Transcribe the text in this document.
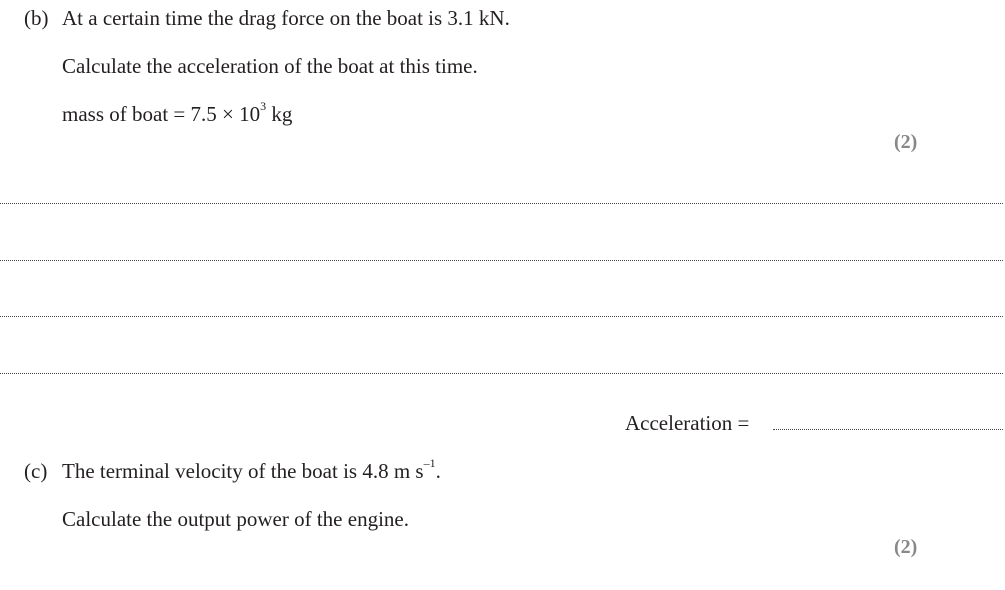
(b) At a certain time the drag force on the boat is 3.1 kN.
Calculate the acceleration of the boat at this time.
mass of boat = $7.5 \times 10^3$ kg
(2)
Acceleration =
(c) The terminal velocity of the boat is 4.8 m $s^{-1}$.
Calculate the output power of the engine.
(2)
